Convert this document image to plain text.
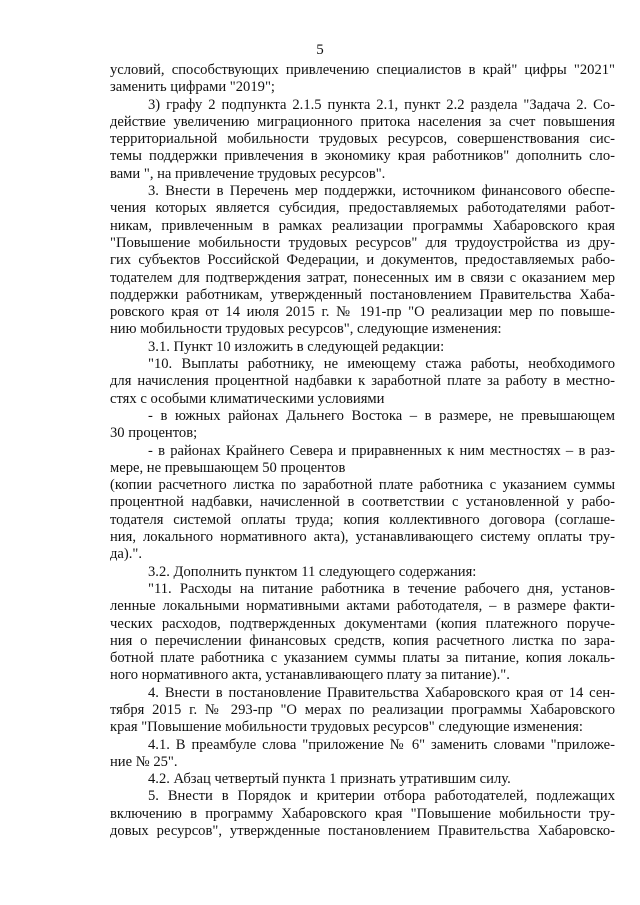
5
условий, способствующих привлечению специалистов в край" цифры "2021"
заменить цифрами "2019";
3) графу 2 подпункта 2.1.5 пункта 2.1, пункт 2.2 раздела "Задача 2. Со-
действие увеличению миграционного притока населения за счет повышения
территориальной мобильности трудовых ресурсов, совершенствования сис-
темы поддержки привлечения в экономику края работников" дополнить сло-
вами ", на привлечение трудовых ресурсов".
3. Внести в Перечень мер поддержки, источником финансового обеспе-
чения которых является субсидия, предоставляемых работодателями работ-
никам, привлеченным в рамках реализации программы Хабаровского края
"Повышение мобильности трудовых ресурсов" для трудоустройства из дру-
гих субъектов Российской Федерации, и документов, предоставляемых рабо-
тодателем для подтверждения затрат, понесенных им в связи с оказанием мер
поддержки работникам, утвержденный постановлением Правительства Хаба-
ровского края от 14 июля 2015 г. № 191-пр "О реализации мер по повыше-
нию мобильности трудовых ресурсов", следующие изменения:
3.1. Пункт 10 изложить в следующей редакции:
"10. Выплаты работнику, не имеющему стажа работы, необходимого
для начисления процентной надбавки к заработной плате за работу в местно-
стях с особыми климатическими условиями
- в южных районах Дальнего Востока – в размере, не превышающем
30 процентов;
- в районах Крайнего Севера и приравненных к ним местностях – в раз-
мере, не превышающем 50 процентов
(копии расчетного листка по заработной плате работника с указанием суммы
процентной надбавки, начисленной в соответствии с установленной у рабо-
тодателя системой оплаты труда; копия коллективного договора (соглаше-
ния, локального нормативного акта), устанавливающего систему оплаты тру-
да).".
3.2. Дополнить пунктом 11 следующего содержания:
"11. Расходы на питание работника в течение рабочего дня, установ-
ленные локальными нормативными актами работодателя, – в размере факти-
ческих расходов, подтвержденных документами (копия платежного поруче-
ния о перечислении финансовых средств, копия расчетного листка по зара-
ботной плате работника с указанием суммы платы за питание, копия локаль-
ного нормативного акта, устанавливающего плату за питание).".
4. Внести в постановление Правительства Хабаровского края от 14 сен-
тября 2015 г. № 293-пр "О мерах по реализации программы Хабаровского
края "Повышение мобильности трудовых ресурсов" следующие изменения:
4.1. В преамбуле слова "приложение № 6" заменить словами "приложе-
ние № 25".
4.2. Абзац четвертый пункта 1 признать утратившим силу.
5. Внести в Порядок и критерии отбора работодателей, подлежащих
включению в программу Хабаровского края "Повышение мобильности тру-
довых ресурсов", утвержденные постановлением Правительства Хабаровско-
